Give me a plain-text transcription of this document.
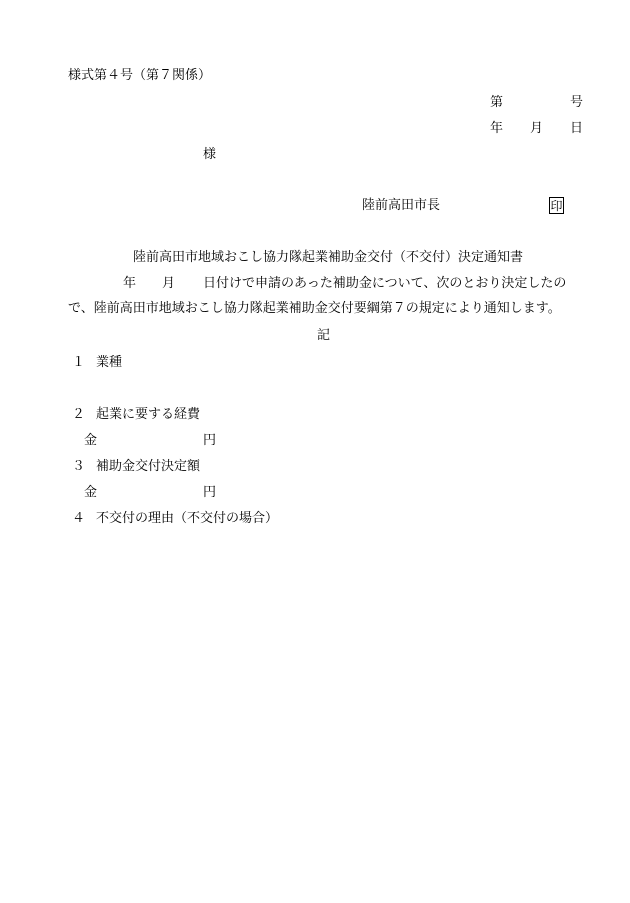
様式第４号（第７関係）
第	号
年 月 日
様
陸前高田市長	印
陸前高田市地域おこし協力隊起業補助金交付（不交付）決定通知書
年 月 日付けで申請のあった補助金について、次のとおり決定したの
で、陸前高田市地域おこし協力隊起業補助金交付要綱第７の規定により通知します。
記
１ 業種
２ 起業に要する経費
金	円
３ 補助金交付決定額
金	円
４ 不交付の理由（不交付の場合）
